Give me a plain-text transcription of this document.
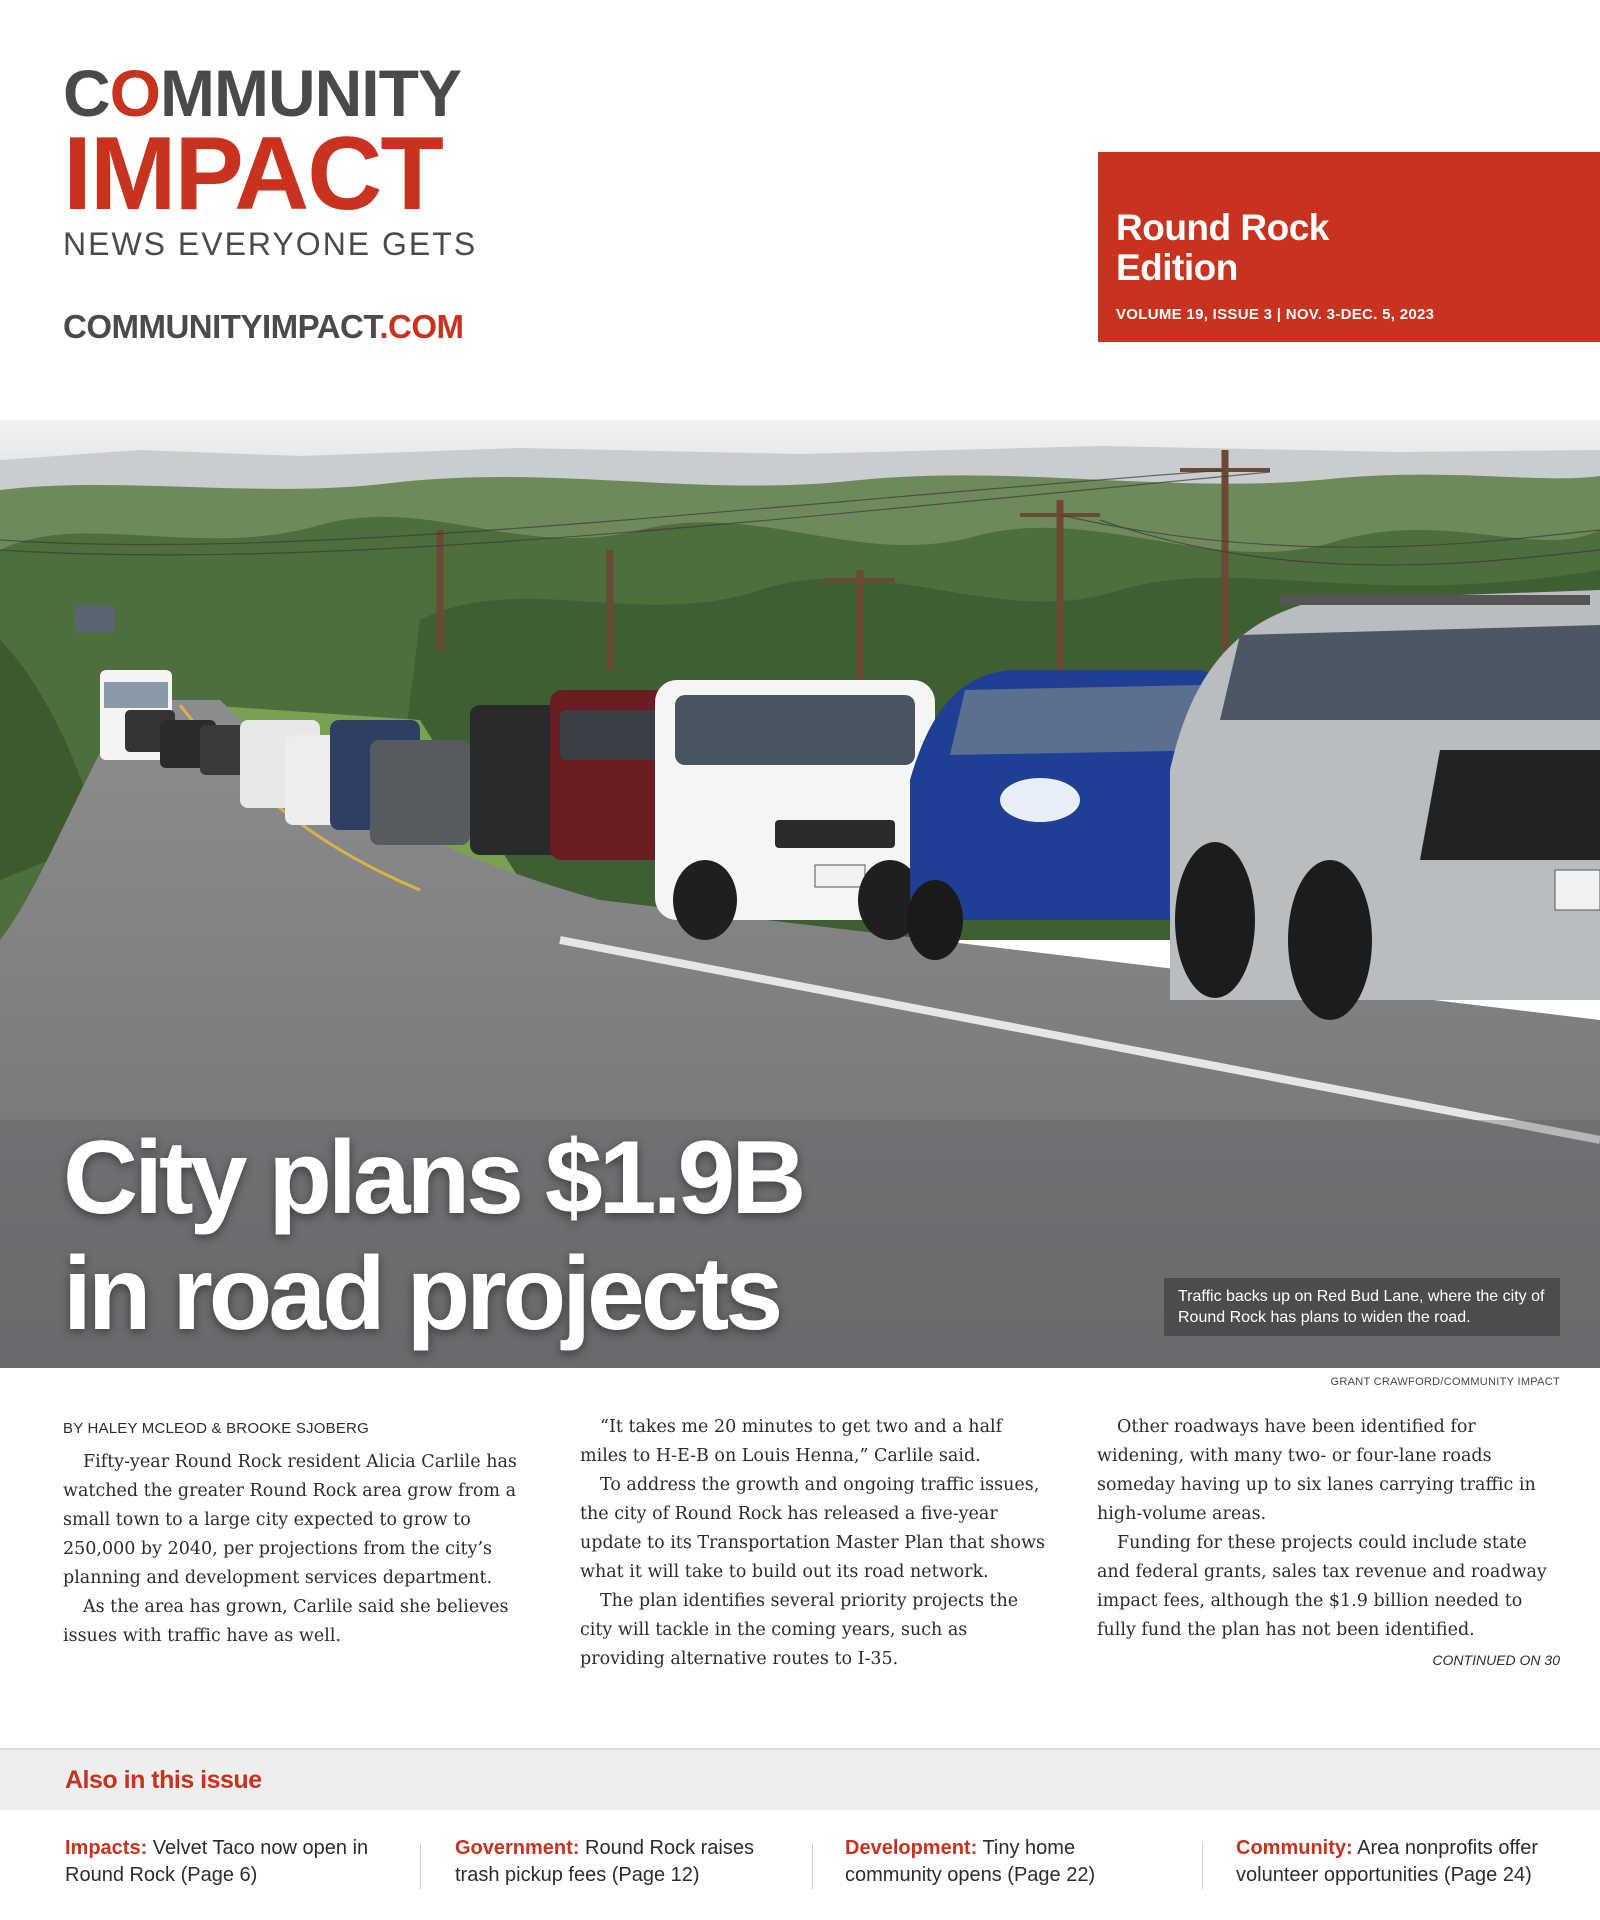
COMMUNITY
IMPACT
NEWS EVERYONE GETS
COMMUNITYIMPACT.COM
Round Rock
Edition
VOLUME 19, ISSUE 3 | NOV. 3-DEC. 5, 2023
City plans $1.9B
in road projects	Traffic backs up on Red Bud Lane, where the city of Round Rock has plans to widen the road.
GRANT CRAWFORD/COMMUNITY IMPACT
BY HALEY MCLEOD & BROOKE SJOBERG

Fifty-year Round Rock resident Alicia Carlile has watched the greater Round Rock area grow from a small town to a large city expected to grow to 250,000 by 2040, per projections from the city’s planning and development services department.

As the area has grown, Carlile said she believes issues with traffic have as well.

“It takes me 20 minutes to get two and a half miles to H-E-B on Louis Henna,” Carlile said.

To address the growth and ongoing traffic issues, the city of Round Rock has released a five-year update to its Transportation Master Plan that shows what it will take to build out its road network.

The plan identifies several priority projects the city will tackle in the coming years, such as providing alternative routes to I-35.

Other roadways have been identified for widening, with many two- or four-lane roads someday having up to six lanes carrying traffic in high-volume areas.

Funding for these projects could include state and federal grants, sales tax revenue and roadway impact fees, although the $1.9 billion needed to fully fund the plan has not been identified.

CONTINUED ON 30
Also in this issue
Impacts: Velvet Taco now open in Round Rock (Page 6)
Government: Round Rock raises trash pickup fees (Page 12)
Development: Tiny home community opens (Page 22)
Community: Area nonprofits offer volunteer opportunities (Page 24)
